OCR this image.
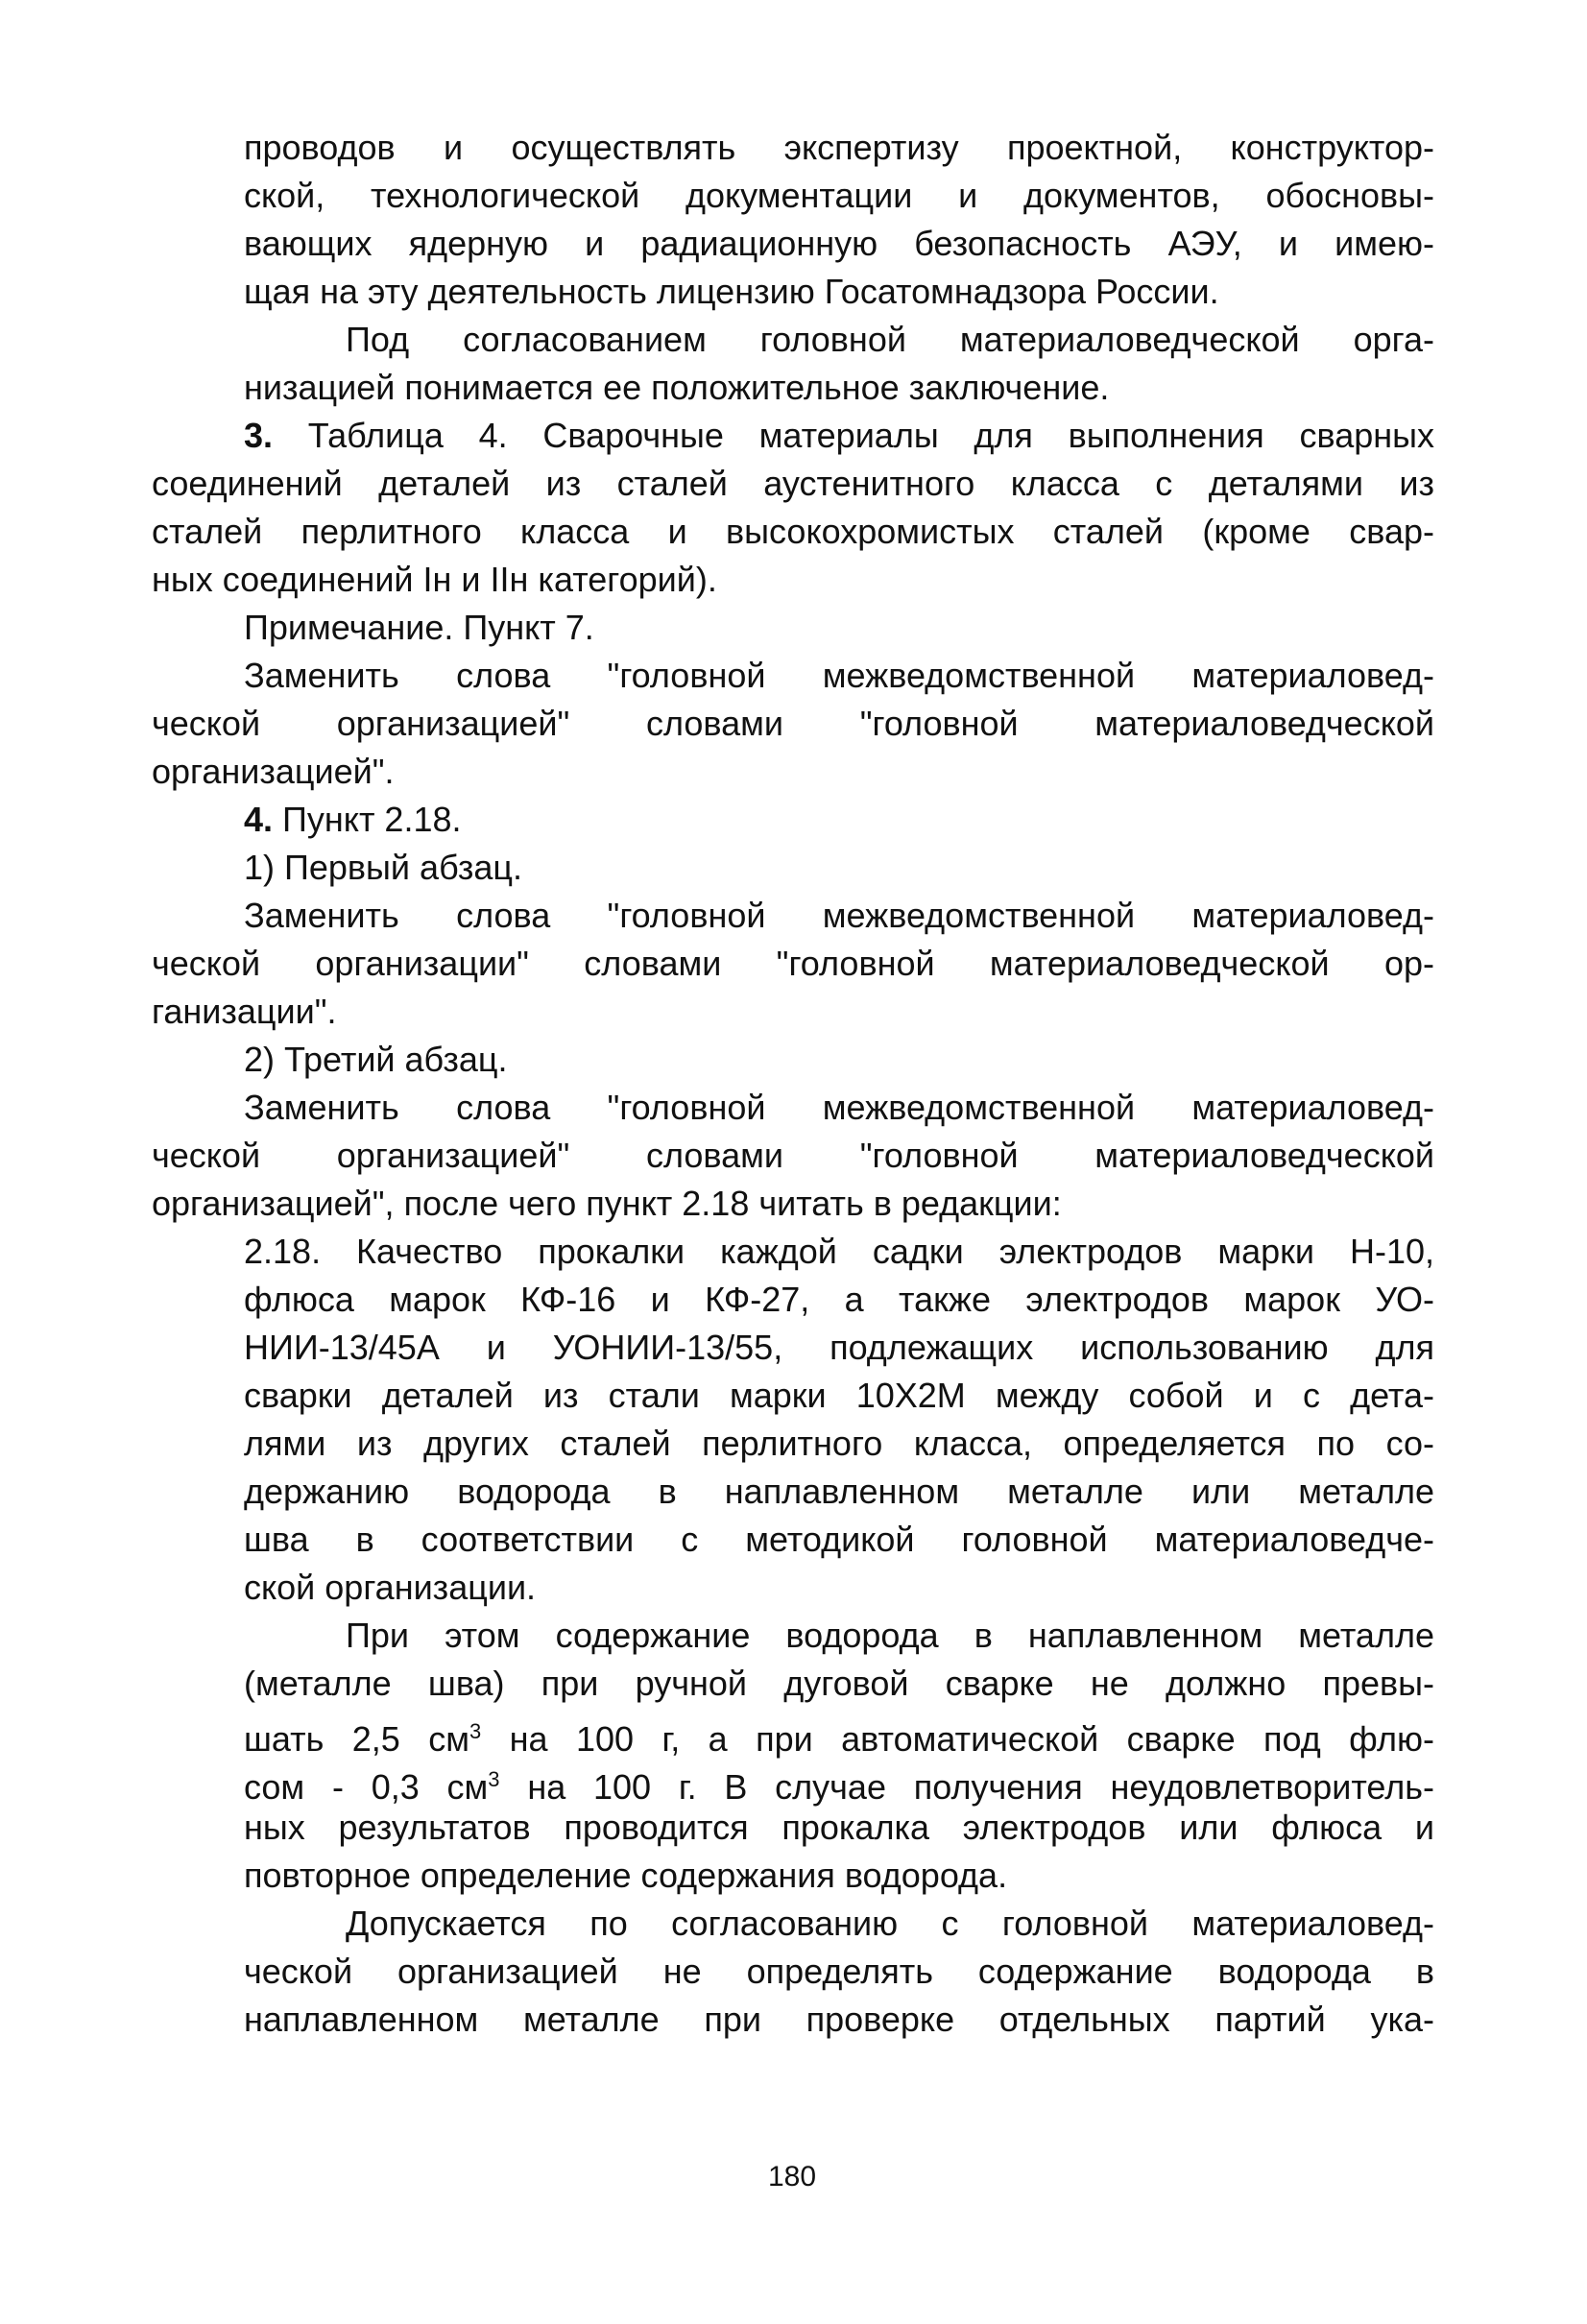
проводов и осуществлять экспертизу проектной, конструктор-
ской, технологической документации и документов, обосновы-
вающих ядерную и радиационную безопасность АЭУ, и имею-
щая на эту деятельность лицензию Госатомнадзора России.
Под согласованием головной материаловедческой орга-
низацией понимается ее положительное заключение.
3. Таблица 4. Сварочные материалы для выполнения сварных
соединений деталей из сталей аустенитного класса с деталями из
сталей перлитного класса и высокохромистых сталей (кроме свар-
ных соединений Iн и IIн категорий).
Примечание. Пункт 7.
Заменить слова "головной межведомственной материаловед-
ческой организацией" словами "головной материаловедческой
организацией".
4. Пункт 2.18.
1) Первый абзац.
Заменить слова "головной межведомственной материаловед-
ческой организации" словами "головной материаловедческой ор-
ганизации".
2) Третий абзац.
Заменить слова "головной межведомственной материаловед-
ческой организацией" словами "головной материаловедческой
организацией", после чего пункт 2.18 читать в редакции:
2.18. Качество прокалки каждой садки электродов марки Н-10,
флюса марок КФ-16 и КФ-27, а также электродов марок УО-
НИИ-13/45А и УОНИИ-13/55, подлежащих использованию для
сварки деталей из стали марки 10Х2М между собой и с дета-
лями из других сталей перлитного класса, определяется по со-
держанию водорода в наплавленном металле или металле
шва в соответствии с методикой головной материаловедче-
ской организации.
При этом содержание водорода в наплавленном металле
(металле шва) при ручной дуговой сварке не должно превы-
шать 2,5 $см^3$ на 100 г, а при автоматической сварке под флю-
сом - 0,3 $см^3$ на 100 г. В случае получения неудовлетворитель-
ных результатов проводится прокалка электродов или флюса и
повторное определение содержания водорода.
Допускается по согласованию с головной материаловед-
ческой организацией не определять содержание водорода в
наплавленном металле при проверке отдельных партий ука-
180
